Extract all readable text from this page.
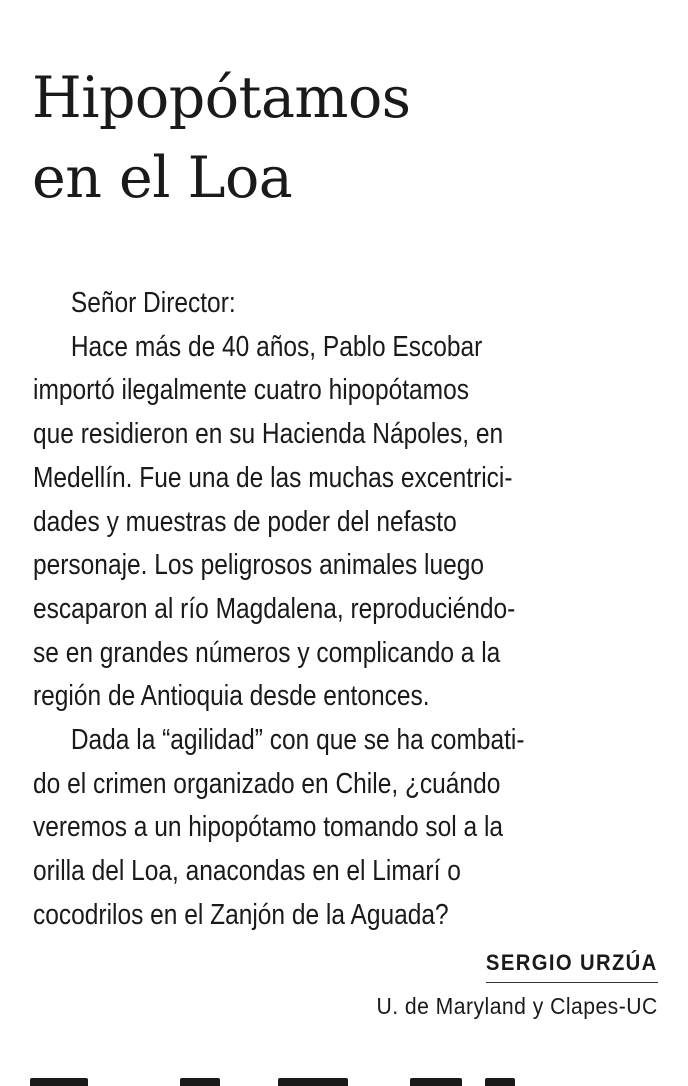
Hipopótamos
en el Loa
Señor Director:
Hace más de 40 años, Pablo Escobar
importó ilegalmente cuatro hipopótamos
que residieron en su Hacienda Nápoles, en
Medellín. Fue una de las muchas excentrici-
dades y muestras de poder del nefasto
personaje. Los peligrosos animales luego
escaparon al río Magdalena, reproduciéndo-
se en grandes números y complicando a la
región de Antioquia desde entonces.
Dada la “agilidad” con que se ha combati-
do el crimen organizado en Chile, ¿cuándo
veremos a un hipopótamo tomando sol a la
orilla del Loa, anacondas en el Limarí o
cocodrilos en el Zanjón de la Aguada?
SERGIO URZÚA
U. de Maryland y Clapes-UC
